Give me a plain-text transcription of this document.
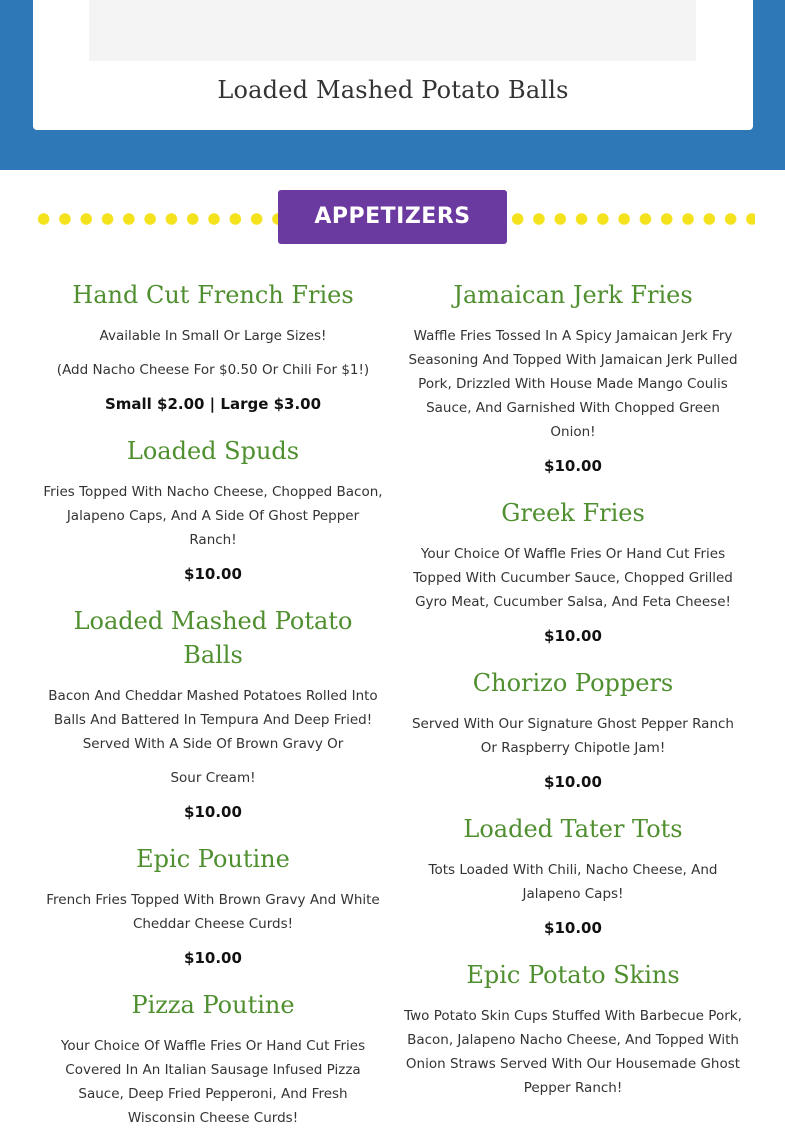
Loaded Mashed Potato Balls
appetizers
Hand Cut French Fries

Available In Small Or Large Sizes!

(Add Nacho Cheese For $0.50 Or Chili For $1!)

Small $2.00 | Large $3.00
Loaded Spuds

Fries Topped With Nacho Cheese, Chopped Bacon, Jalapeno Caps, And A Side Of Ghost Pepper Ranch!

$10.00
Loaded Mashed Potato Balls

Bacon And Cheddar Mashed Potatoes Rolled Into Balls And Battered In Tempura And Deep Fried! Served With A Side Of Brown Gravy Or

Sour Cream!

$10.00
Epic Poutine

French Fries Topped With Brown Gravy And White Cheddar Cheese Curds!

$10.00
Pizza Poutine

Your Choice Of Waffle Fries Or Hand Cut Fries Covered In An Italian Sausage Infused Pizza Sauce, Deep Fried Pepperoni, And Fresh Wisconsin Cheese Curds!

Jamaican Jerk Fries

Waffle Fries Tossed In A Spicy Jamaican Jerk Fry Seasoning And Topped With Jamaican Jerk Pulled Pork, Drizzled With House Made Mango Coulis Sauce, And Garnished With Chopped Green Onion!

$10.00
Greek Fries

Your Choice Of Waffle Fries Or Hand Cut Fries Topped With Cucumber Sauce, Chopped Grilled Gyro Meat, Cucumber Salsa, And Feta Cheese!

$10.00
Chorizo Poppers

Served With Our Signature Ghost Pepper Ranch Or Raspberry Chipotle Jam!

$10.00
Loaded Tater Tots

Tots Loaded With Chili, Nacho Cheese, And Jalapeno Caps!

$10.00
Epic Potato Skins

Two Potato Skin Cups Stuffed With Barbecue Pork, Bacon, Jalapeno Nacho Cheese, And Topped With Onion Straws Served With Our Housemade Ghost Pepper Ranch!
